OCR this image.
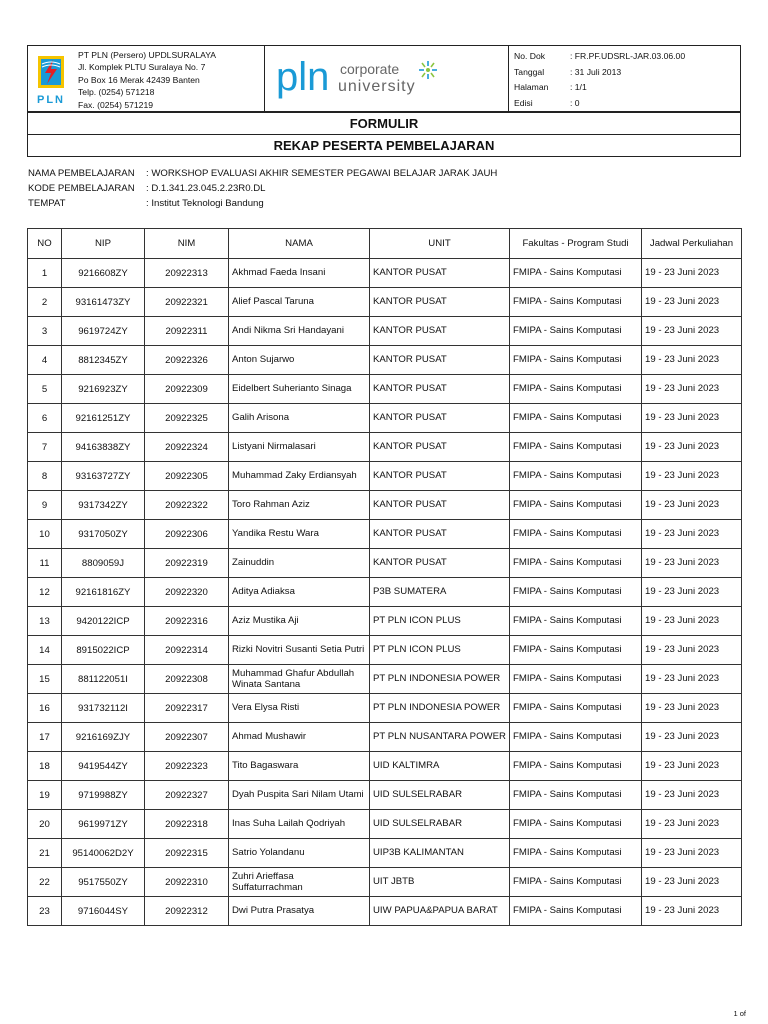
PLN
PT PLN (Persero) UPDLSURALAYA
Jl. Komplek PLTU Suralaya No. 7
Po Box 16 Merak 42439 Banten
Telp. (0254) 571218
Fax. (0254) 571219
pln corporate
university
No. Dok	: FR.PF.UDSRL-JAR.03.06.00
Tanggal	: 31 Juli 2013
Halaman	: 1/1
Edisi	: 0
FORMULIR
REKAP PESERTA PEMBELAJARAN
NAMA PEMBELAJARAN	: WORKSHOP EVALUASI AKHIR SEMESTER PEGAWAI BELAJAR JARAK JAUH
KODE PEMBELAJARAN	: D.1.341.23.045.2.23R0.DL
TEMPAT	: Institut Teknologi Bandung
NO	NIP	NIM	NAMA	UNIT	Fakultas - Program Studi	Jadwal Perkuliahan
1	9216608ZY	20922313	Akhmad Faeda Insani	KANTOR PUSAT	FMIPA - Sains Komputasi	19 - 23 Juni 2023
2	93161473ZY	20922321	Alief Pascal Taruna	KANTOR PUSAT	FMIPA - Sains Komputasi	19 - 23 Juni 2023
3	9619724ZY	20922311	Andi Nikma Sri Handayani	KANTOR PUSAT	FMIPA - Sains Komputasi	19 - 23 Juni 2023
4	8812345ZY	20922326	Anton Sujarwo	KANTOR PUSAT	FMIPA - Sains Komputasi	19 - 23 Juni 2023
5	9216923ZY	20922309	Eidelbert Suherianto Sinaga	KANTOR PUSAT	FMIPA - Sains Komputasi	19 - 23 Juni 2023
6	92161251ZY	20922325	Galih Arisona	KANTOR PUSAT	FMIPA - Sains Komputasi	19 - 23 Juni 2023
7	94163838ZY	20922324	Listyani Nirmalasari	KANTOR PUSAT	FMIPA - Sains Komputasi	19 - 23 Juni 2023
8	93163727ZY	20922305	Muhammad Zaky Erdiansyah	KANTOR PUSAT	FMIPA - Sains Komputasi	19 - 23 Juni 2023
9	9317342ZY	20922322	Toro Rahman Aziz	KANTOR PUSAT	FMIPA - Sains Komputasi	19 - 23 Juni 2023
10	9317050ZY	20922306	Yandika Restu Wara	KANTOR PUSAT	FMIPA - Sains Komputasi	19 - 23 Juni 2023
11	8809059J	20922319	Zainuddin	KANTOR PUSAT	FMIPA - Sains Komputasi	19 - 23 Juni 2023
12	92161816ZY	20922320	Aditya Adiaksa	P3B SUMATERA	FMIPA - Sains Komputasi	19 - 23 Juni 2023
13	9420122ICP	20922316	Aziz Mustika Aji	PT PLN ICON PLUS	FMIPA - Sains Komputasi	19 - 23 Juni 2023
14	8915022ICP	20922314	Rizki Novitri Susanti Setia Putri	PT PLN ICON PLUS	FMIPA - Sains Komputasi	19 - 23 Juni 2023
15	881122051I	20922308	Muhammad Ghafur Abdullah Winata Santana	PT PLN INDONESIA POWER	FMIPA - Sains Komputasi	19 - 23 Juni 2023
16	931732112I	20922317	Vera Elysa Risti	PT PLN INDONESIA POWER	FMIPA - Sains Komputasi	19 - 23 Juni 2023
17	9216169ZJY	20922307	Ahmad Mushawir	PT PLN NUSANTARA POWER	FMIPA - Sains Komputasi	19 - 23 Juni 2023
18	9419544ZY	20922323	Tito Bagaswara	UID KALTIMRA	FMIPA - Sains Komputasi	19 - 23 Juni 2023
19	9719988ZY	20922327	Dyah Puspita Sari Nilam Utami	UID SULSELRABAR	FMIPA - Sains Komputasi	19 - 23 Juni 2023
20	9619971ZY	20922318	Inas Suha Lailah Qodriyah	UID SULSELRABAR	FMIPA - Sains Komputasi	19 - 23 Juni 2023
21	95140062D2Y	20922315	Satrio Yolandanu	UIP3B KALIMANTAN	FMIPA - Sains Komputasi	19 - 23 Juni 2023
22	9517550ZY	20922310	Zuhri Arieffasa Suffaturrachman	UIT JBTB	FMIPA - Sains Komputasi	19 - 23 Juni 2023
23	9716044SY	20922312	Dwi Putra Prasatya	UIW PAPUA&PAPUA BARAT	FMIPA - Sains Komputasi	19 - 23 Juni 2023
1 of
